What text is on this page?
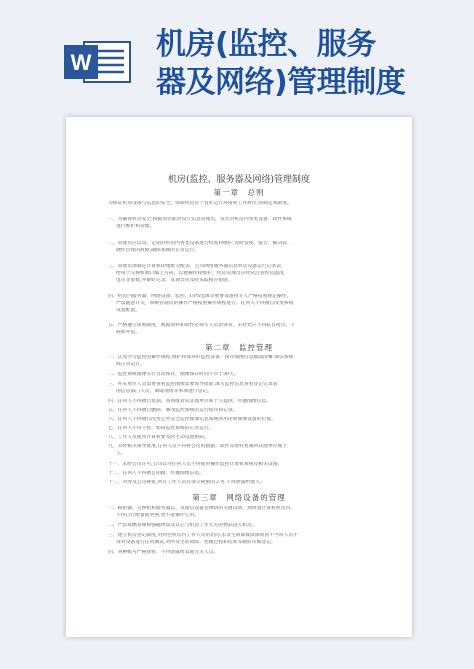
W
机房(监控、服务
器及网络)管理制度
机房(监控、服务器及网络)管理制度
第一章　总则
为保证机房设备与信息的安全，保障机房有个良好运行环境和工作秩序,特制定本制度。
一、为确保机房安全,根据岗位职责设立信息管理员，负责对机房内各类设备、软件系统
进行维护和管理。
二、管理员应以真、定期对机房内各类设备进行检查和维护,及时发现、报告、解决软、
硬件出现的故障,确保系统的正常运行。
三、管理员须制定计算机IP地址分配表，公司网络服务器信息机房设备运行记录表,
给每个交换机端口编上号码，以便操作和维护，机房管理员应经常注意机房温度、
电压等参数,并做好记录，发现异常及时采取相应措施。
四、机房内服务器、网络设备、监控、UPS电源等重要设备由专人严格按照规定操作，
严禁随意开关，系统管理员的操作严格按照操作规程进行。任何人不得擅自改变系统
设置配置。
五、严格遵守保密制度，数据资料和软件必须专人负责保管，未经允许不得私自拷贝、下
载和外借。
第二章　监控管理
一、认真学习监控的操作规程,维护和保养好监控设备，保存图像信息画面清晰,保证系统
线正常运行。
二、监控系统图像实行自动保存，图像保存时间不少于30天。
三、外来单位人员需要查看监控图像需要领导批准,填写监控信息查看登记记录表,
由信息部门人员，调取现场等事项进行登记。
四、任何人不得擅自复制、查询或者向其他单位和个人提供、传播图像信息。
五、任何人不得擅自删除、修改监控系统的运行程序和记录。
六、任何人不得擅自改变公共安全监控图像信息系统的用途和图像设备的位置。
七、任何人不得干扰、妨碍监控系统的正常运行。
八、工作人员使用计算机要及时主动设置密码。
九、未经相关领导批准,任何人员不得将公司的数据、软件及资料复制到其他单位或个
人。
十一、未经公司许可,公司以外任何人员不得使用操作监控计算机系统及相关设备。
十二、任何人不得擅自拍摄、传播图像信息。
十三、对涉及公司秘密,所有工作人员有保守秘密的义务,不得泄露给他人。
第三章　网络设备的管理
一、路由器、交换机和服务器以、及通信设备是网络的关键设备，须放置计算机机房内,
不得自行配置或更换,更不能挪作它用。
二、严禁易燃易爆和强磁物品及其它与机房工作无关的物品进入机房。
三、建立机房登记制度,对到往机房内工作人员的访问,未发生故障或故障原因不当班人员不
得对设备进行任何调试,对所发生的故障、处理过程和结果等做好详细登记。
四、各种帐号严格保密，不得泄露给其他无关人员。
